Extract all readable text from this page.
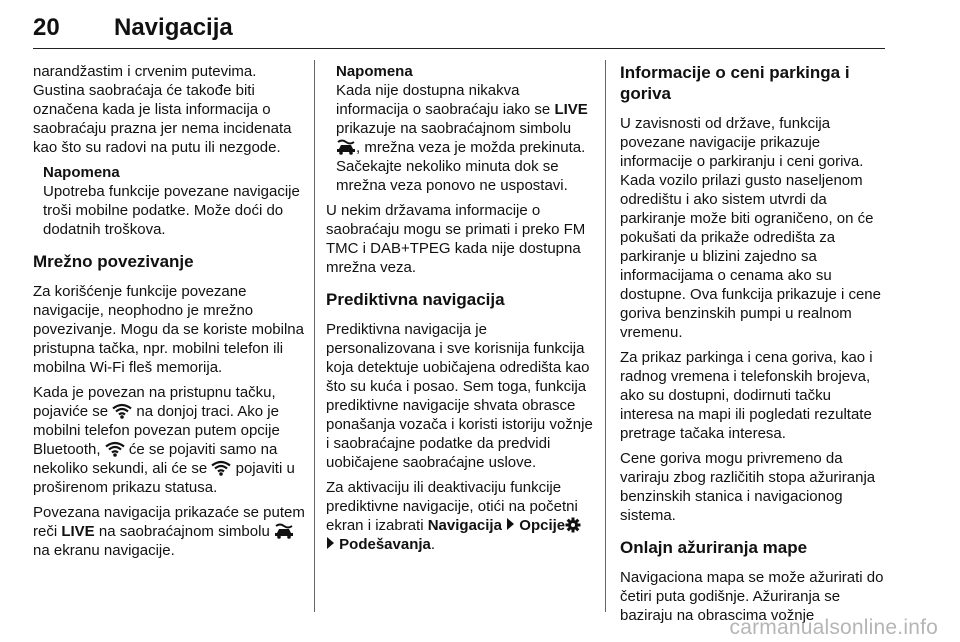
20 Navigacija

narandžastim i crvenim putevima. Gustina saobraćaja će takođe biti označena kada je lista informacija o saobraćaju prazna jer nema incidenata kao što su radovi na putu ili nezgode.

Napomena
Upotreba funkcije povezane navigacije troši mobilne podatke. Može doći do dodatnih troškova.
Mrežno povezivanje

Za korišćenje funkcije povezane navigacije, neophodno je mrežno povezivanje. Mogu da se koriste mobilna pristupna tačka, npr. mobilni telefon ili mobilna Wi-Fi fleš memorija.

Kada je povezan na pristupnu tačku, pojaviće se na donjoj traci. Ako je mobilni telefon povezan putem opcije Bluetooth, će se pojaviti samo na nekoliko sekundi, ali će se pojaviti u proširenom prikazu statusa.

Povezana navigacija prikazaće se putem reči LIVE na saobraćajnom simbolu
na ekranu navigacije.

Napomena
Kada nije dostupna nikakva informacija o saobraćaju iako se LIVE prikazuje na saobraćajnom simbolu
, mrežna veza je možda prekinuta. Sačekajte nekoliko minuta dok se mrežna veza ponovo ne uspostavi.

U nekim državama informacije o saobraćaju mogu se primati i preko FM TMC i DAB+TPEG kada nije dostupna mrežna veza.

Prediktivna navigacija

Prediktivna navigacija je personalizovana i sve korisnija funkcija koja detektuje uobičajena odredišta kao što su kuća i posao. Sem toga, funkcija prediktivne navigacije shvata obrasce ponašanja vozača i koristi istoriju vožnje i saobraćajne podatke da predvidi uobičajene saobraćajne uslove.

Za aktivaciju ili deaktivaciju funkcije prediktivne navigacije, otići na početni ekran i izabrati Navigacija Opcije

Podešavanja.

Informacije o ceni parkinga i goriva

U zavisnosti od države, funkcija povezane navigacije prikazuje informacije o parkiranju i ceni goriva. Kada vozilo prilazi gusto naseljenom odredištu i ako sistem utvrdi da parkiranje može biti ograničeno, on će pokušati da prikaže odredišta za parkiranje u blizini zajedno sa informacijama o cenama ako su dostupne. Ova funkcija prikazuje i cene goriva benzinskih pumpi u realnom vremenu.

Za prikaz parkinga i cena goriva, kao i radnog vremena i telefonskih brojeva, ako su dostupni, dodirnuti tačku interesa na mapi ili pogledati rezultate pretrage tačaka interesa.

Cene goriva mogu privremeno da variraju zbog različitih stopa ažuriranja benzinskih stanica i navigacionog sistema.

Onlajn ažuriranja mape

Navigaciona mapa se može ažurirati do četiri puta godišnje. Ažuriranja se baziraju na obrascima vožnje

carmanualsonline.info
